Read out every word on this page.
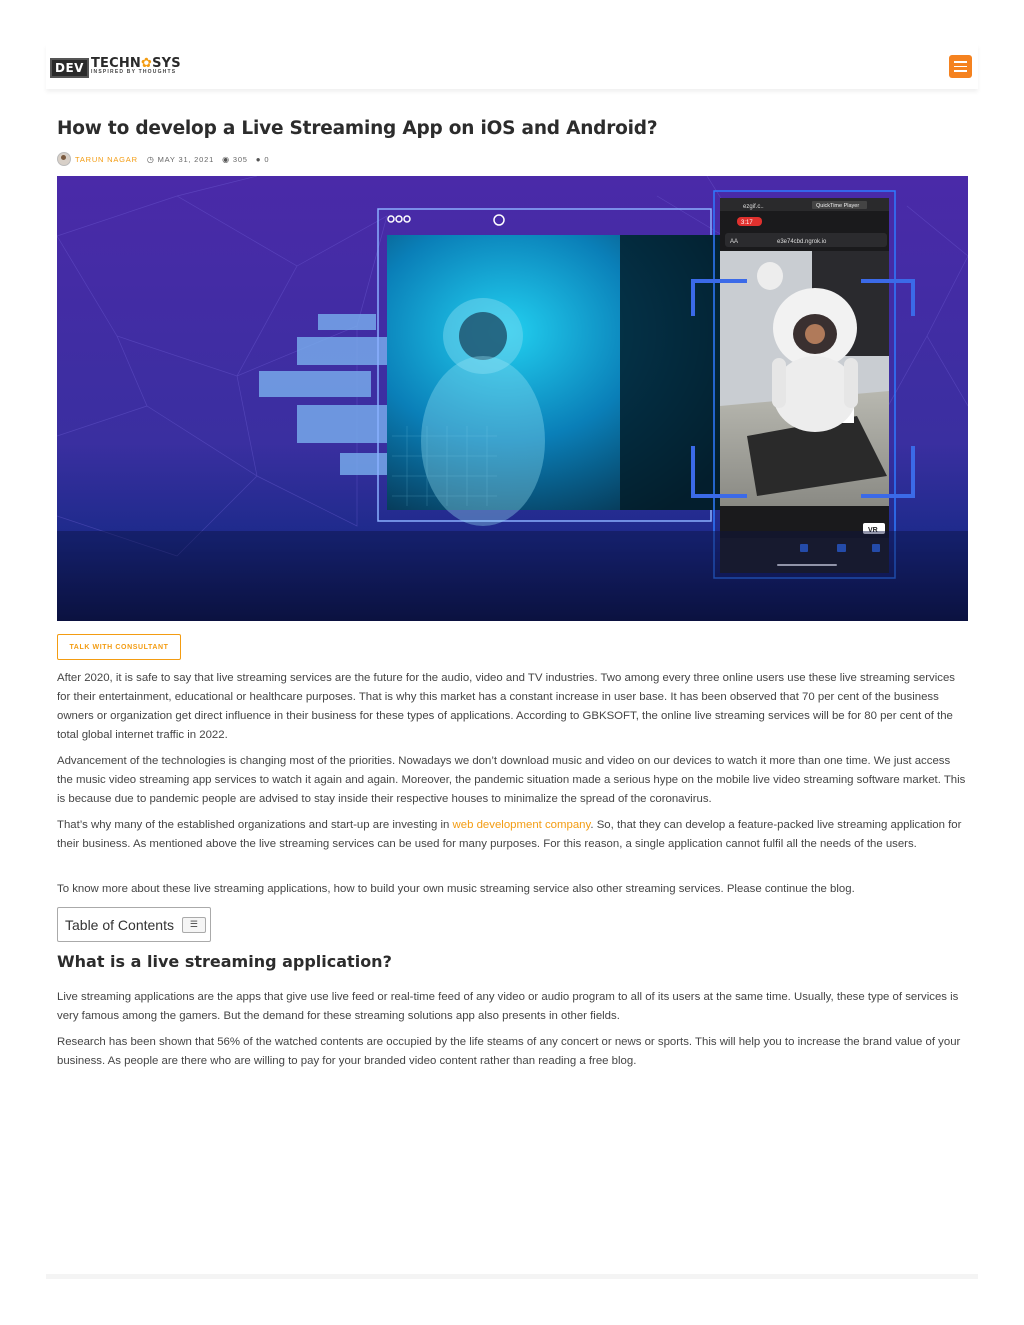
DEV TECHN✿SYS
INSPIRED BY THOUGHTS
How to develop a Live Streaming App on iOS and Android?
TARUN NAGAR ◷ MAY 31, 2021 ◉ 305 ● 0
ezgif.c..	QuickTime Player
3:17
AA	e3e74cbd.ngrok.io
VR
TALK WITH CONSULTANT

After 2020, it is safe to say that live streaming services are the future for the audio, video and TV industries. Two among every three online users use these live streaming services for their entertainment, educational or healthcare purposes. That is why this market has a constant increase in user base. It has been observed that 70 per cent of the business owners or organization get direct influence in their business for these types of applications. According to GBKSOFT, the online live streaming services will be for 80 per cent of the total global internet traffic in 2022.

Advancement of the technologies is changing most of the priorities. Nowadays we don’t download music and video on our devices to watch it more than one time. We just access the music video streaming app services to watch it again and again. Moreover, the pandemic situation made a serious hype on the mobile live video streaming software market. This is because due to pandemic people are advised to stay inside their respective houses to minimalize the spread of the coronavirus.

That’s why many of the established organizations and start-up are investing in web development company. So, that they can develop a feature-packed live streaming application for their business. As mentioned above the live streaming services can be used for many purposes. For this reason, a single application cannot fulfil all the needs of the users.

To know more about these live streaming applications, how to build your own music streaming service also other streaming services. Please continue the blog.

Table of Contents	☰
What is a live streaming application?

Live streaming applications are the apps that give use live feed or real-time feed of any video or audio program to all of its users at the same time. Usually, these type of services is very famous among the gamers. But the demand for these streaming solutions app also presents in other fields.

Research has been shown that 56% of the watched contents are occupied by the life steams of any concert or news or sports. This will help you to increase the brand value of your business. As people are there who are willing to pay for your branded video content rather than reading a free blog.
